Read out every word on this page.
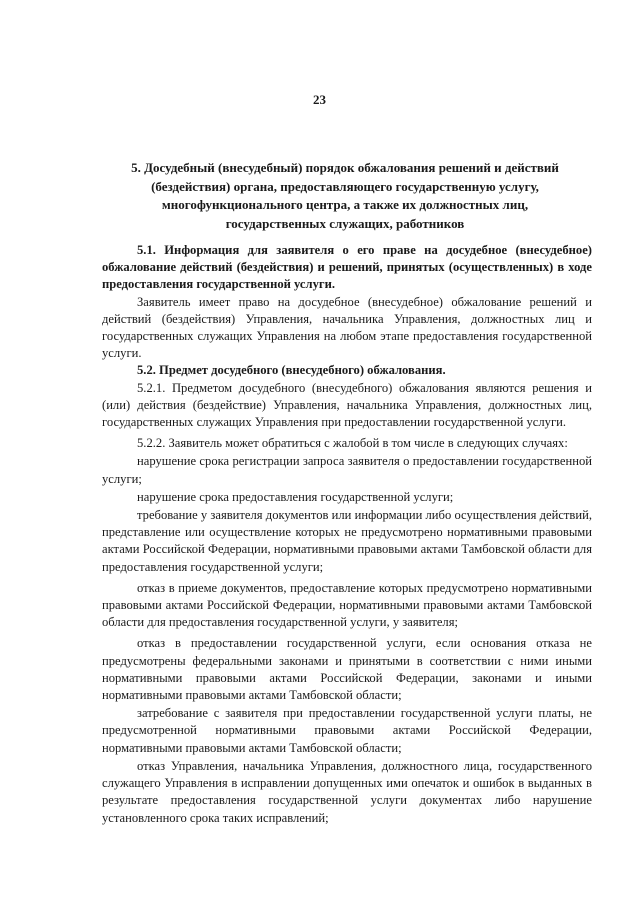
23
5. Досудебный (внесудебный) порядок обжалования решений и действий (бездействия) органа, предоставляющего государственную услугу, многофункционального центра, а также их должностных лиц, государственных служащих, работников

5.1. Информация для заявителя о его праве на досудебное (внесудебное) обжалование действий (бездействия) и решений, принятых (осуществленных) в ходе предоставления государственной услуги.

Заявитель имеет право на досудебное (внесудебное) обжалование решений и действий (бездействия) Управления, начальника Управления, должностных лиц и государственных служащих Управления на любом этапе предоставления государственной услуги.

5.2. Предмет досудебного (внесудебного) обжалования.

5.2.1. Предметом досудебного (внесудебного) обжалования являются решения и (или) действия (бездействие) Управления, начальника Управления, должностных лиц, государственных служащих Управления при предоставлении государственной услуги.

5.2.2. Заявитель может обратиться с жалобой в том числе в следующих случаях:

нарушение срока регистрации запроса заявителя о предоставлении государственной услуги;

нарушение срока предоставления государственной услуги;

требование у заявителя документов или информации либо осуществления действий, представление или осуществление которых не предусмотрено нормативными правовыми актами Российской Федерации, нормативными правовыми актами Тамбовской области для предоставления государственной услуги;

отказ в приеме документов, предоставление которых предусмотрено нормативными правовыми актами Российской Федерации, нормативными правовыми актами Тамбовской области для предоставления государственной услуги, у заявителя;

отказ в предоставлении государственной услуги, если основания отказа не предусмотрены федеральными законами и принятыми в соответствии с ними иными нормативными правовыми актами Российской Федерации, законами и иными нормативными правовыми актами Тамбовской области;

затребование с заявителя при предоставлении государственной услуги платы, не предусмотренной нормативными правовыми актами Российской Федерации, нормативными правовыми актами Тамбовской области;

отказ Управления, начальника Управления, должностного лица, государственного служащего Управления в исправлении допущенных ими опечаток и ошибок в выданных в результате предоставления государственной услуги документах либо нарушение установленного срока таких исправлений;
